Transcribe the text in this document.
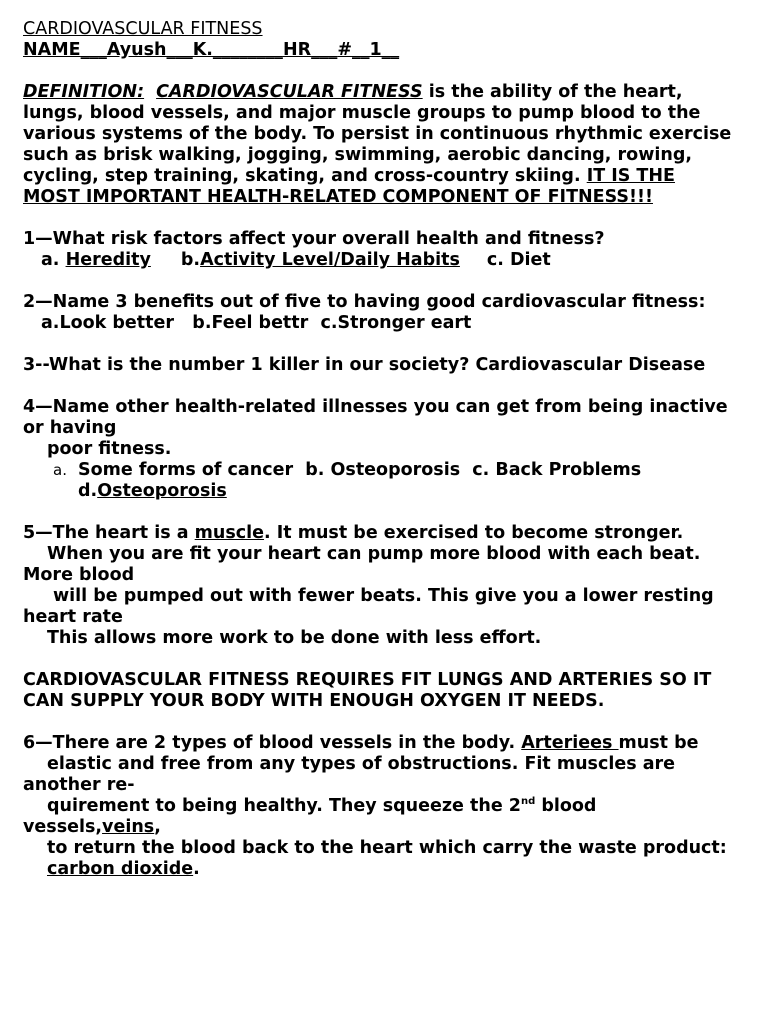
CARDIOVASCULAR FITNESS
NAME___Ayush___K.________HR___#__1__
DEFINITION: CARDIOVASCULAR FITNESS is the ability of the heart,
lungs, blood vessels, and major muscle groups to pump blood to the
various systems of the body. To persist in continuous rhythmic exercise
such as brisk walking, jogging, swimming, aerobic dancing, rowing,
cycling, step training, skating, and cross-country skiing. IT IS THE
MOST IMPORTANT HEALTH-RELATED COMPONENT OF FITNESS!!!
1—What risk factors affect your overall health and fitness?
a. Heredity b.Activity Level/Daily Habits c. Diet
2—Name 3 benefits out of five to having good cardiovascular fitness:
a.Look better   b.Feel bettr  c.Stronger eart
3--What is the number 1 killer in our society? Cardiovascular Disease
4—Name other health-related illnesses you can get from being inactive
or having
poor fitness.
a. Some forms of cancer  b. Osteoporosis  c. Back Problems
d.Osteoporosis
5—The heart is a muscle. It must be exercised to become stronger.
When you are fit your heart can pump more blood with each beat.
More blood
will be pumped out with fewer beats. This give you a lower resting
heart rate
This allows more work to be done with less effort.
CARDIOVASCULAR FITNESS REQUIRES FIT LUNGS AND ARTERIES SO IT
CAN SUPPLY YOUR BODY WITH ENOUGH OXYGEN IT NEEDS.
6—There are 2 types of blood vessels in the body. Arteriees must be
elastic and free from any types of obstructions. Fit muscles are
another re-
quirement to being healthy. They squeeze the 2nd blood
vessels,veins,
to return the blood back to the heart which carry the waste product:
carbon dioxide.
